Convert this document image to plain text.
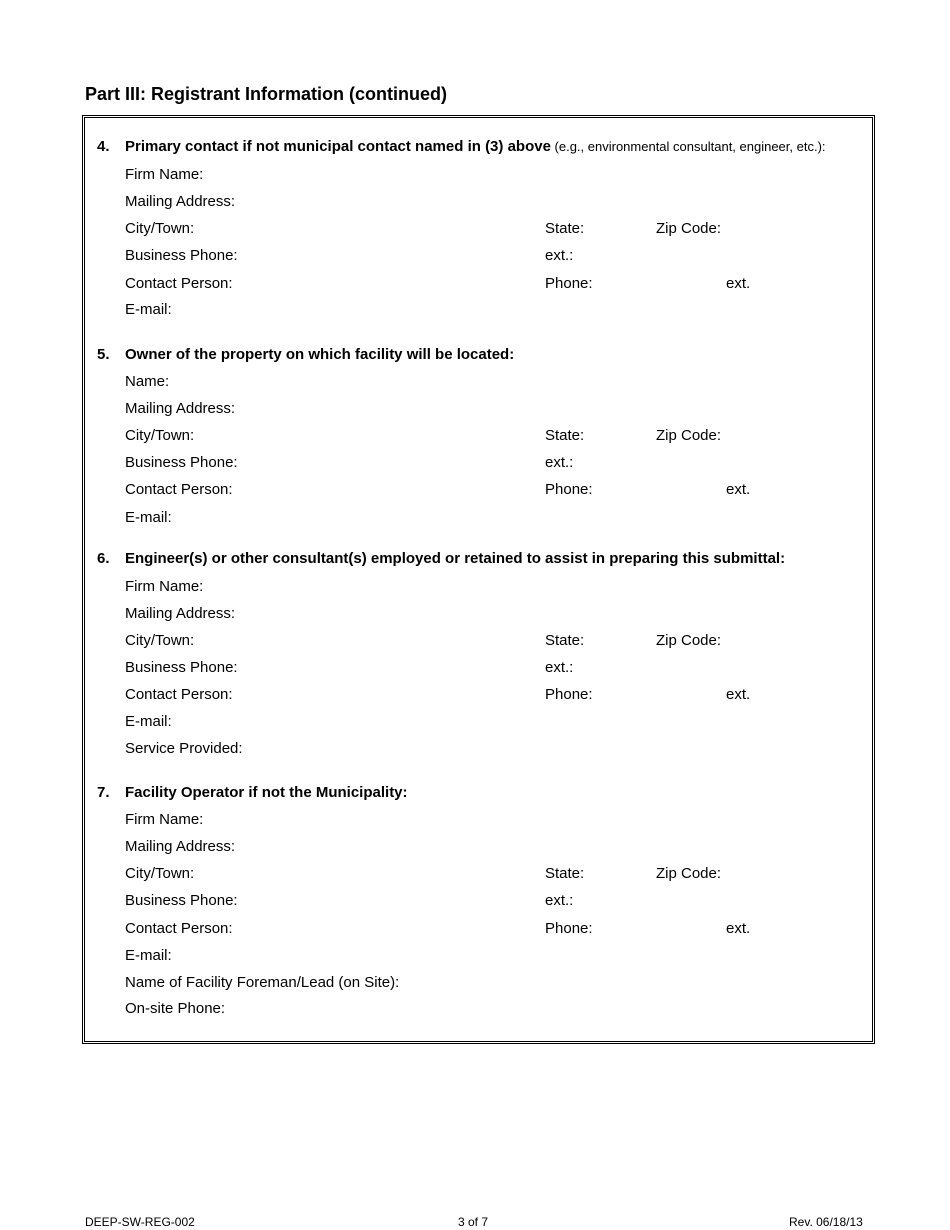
Part III: Registrant Information (continued)
4. Primary contact if not municipal contact named in (3) above (e.g., environmental consultant, engineer, etc.):
Firm Name:
Mailing Address:
City/Town:	State:	Zip Code:
Business Phone:	ext.:
Contact Person:	Phone:	ext.
E-mail:
5. Owner of the property on which facility will be located:
Name:
Mailing Address:
City/Town:	State:	Zip Code:
Business Phone:	ext.:
Contact Person:	Phone:	ext.
E-mail:
6. Engineer(s) or other consultant(s) employed or retained to assist in preparing this submittal:
Firm Name:
Mailing Address:
City/Town:	State:	Zip Code:
Business Phone:	ext.:
Contact Person:	Phone:	ext.
E-mail:
Service Provided:
7. Facility Operator if not the Municipality:
Firm Name:
Mailing Address:
City/Town:	State:	Zip Code:
Business Phone:	ext.:
Contact Person:	Phone:	ext.
E-mail:
Name of Facility Foreman/Lead (on Site):
On-site Phone:
DEEP-SW-REG-002	3 of 7	Rev. 06/18/13
